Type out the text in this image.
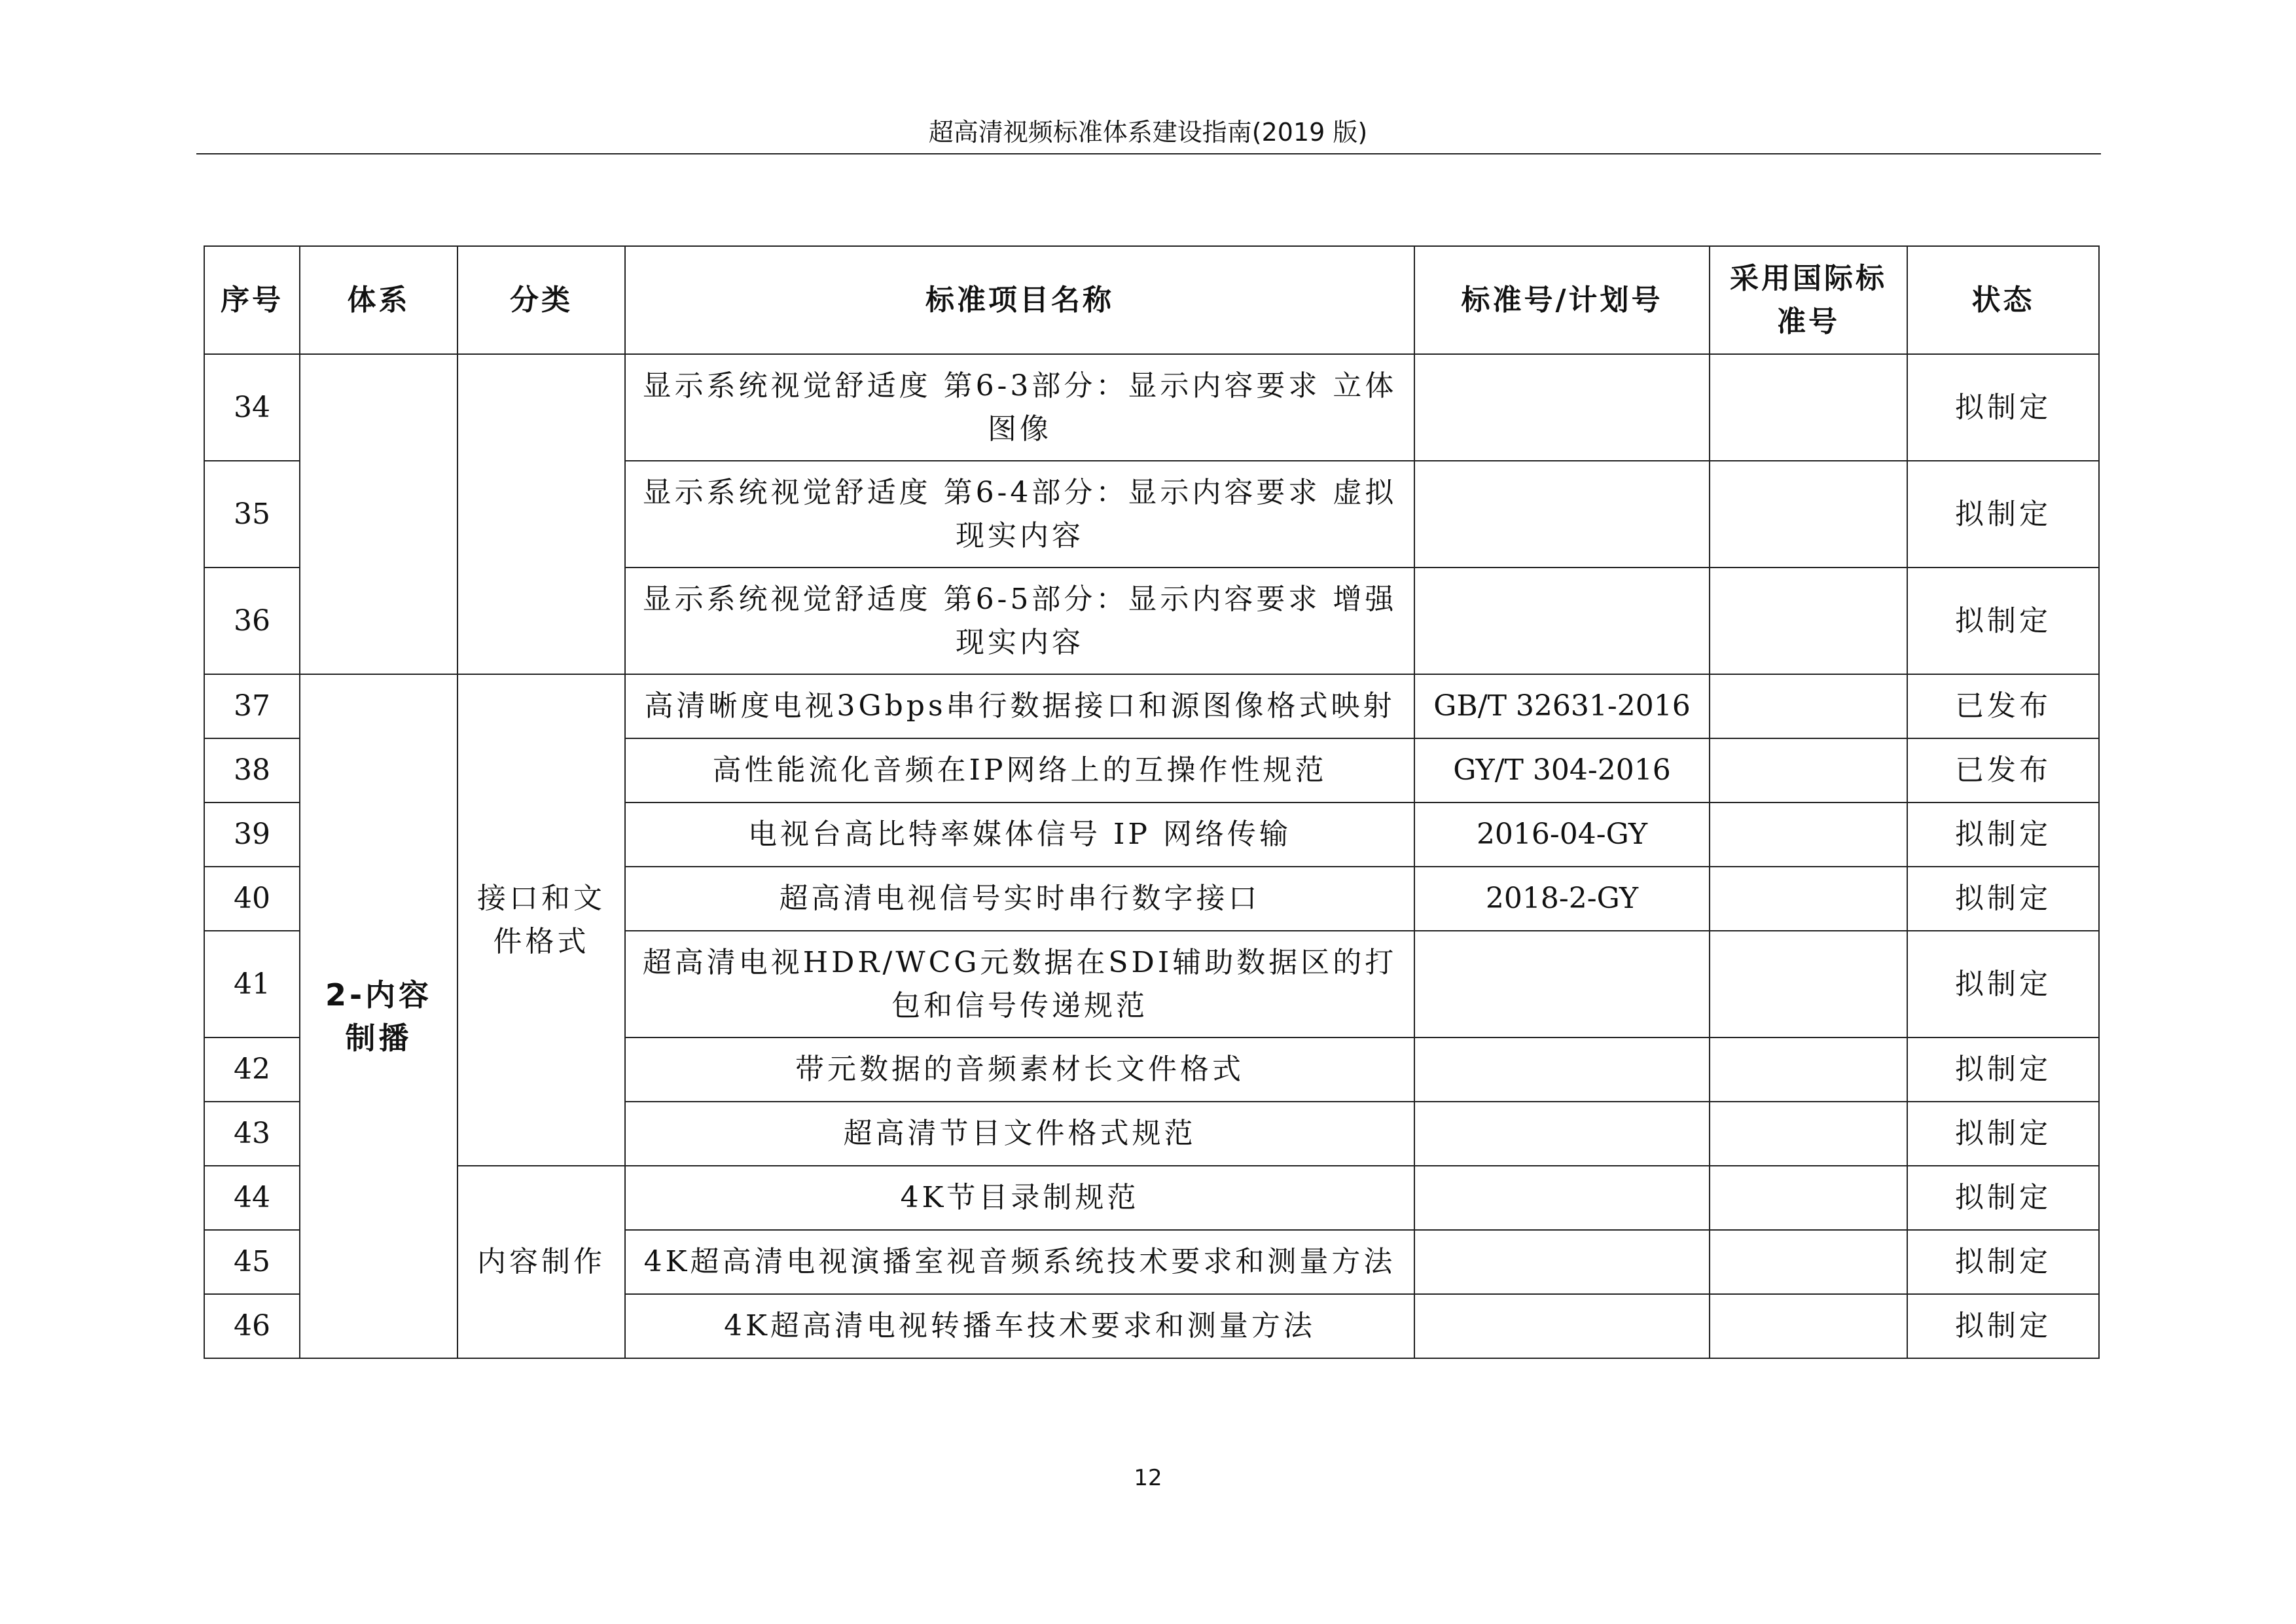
超高清视频标准体系建设指南(2019 版)
序号	体系	分类	标准项目名称	标准号/计划号	采用国际标准号	状态
34			显示系统视觉舒适度 第6-3部分：显示内容要求 立体图像			拟制定
35			显示系统视觉舒适度 第6-4部分：显示内容要求 虚拟现实内容			拟制定
36			显示系统视觉舒适度 第6-5部分：显示内容要求 增强现实内容			拟制定
37	2-内容制播	接口和文件格式	高清晰度电视3Gbps串行数据接口和源图像格式映射	GB/T 32631-2016		已发布
38			高性能流化音频在IP网络上的互操作性规范	GY/T 304-2016		已发布
39			电视台高比特率媒体信号 IP 网络传输	2016-04-GY		拟制定
40			超高清电视信号实时串行数字接口	2018-2-GY		拟制定
41			超高清电视HDR/WCG元数据在SDI辅助数据区的打包和信号传递规范			拟制定
42			带元数据的音频素材长文件格式			拟制定
43			超高清节目文件格式规范			拟制定
44		内容制作	4K节目录制规范			拟制定
45			4K超高清电视演播室视音频系统技术要求和测量方法			拟制定
46			4K超高清电视转播车技术要求和测量方法			拟制定
12
